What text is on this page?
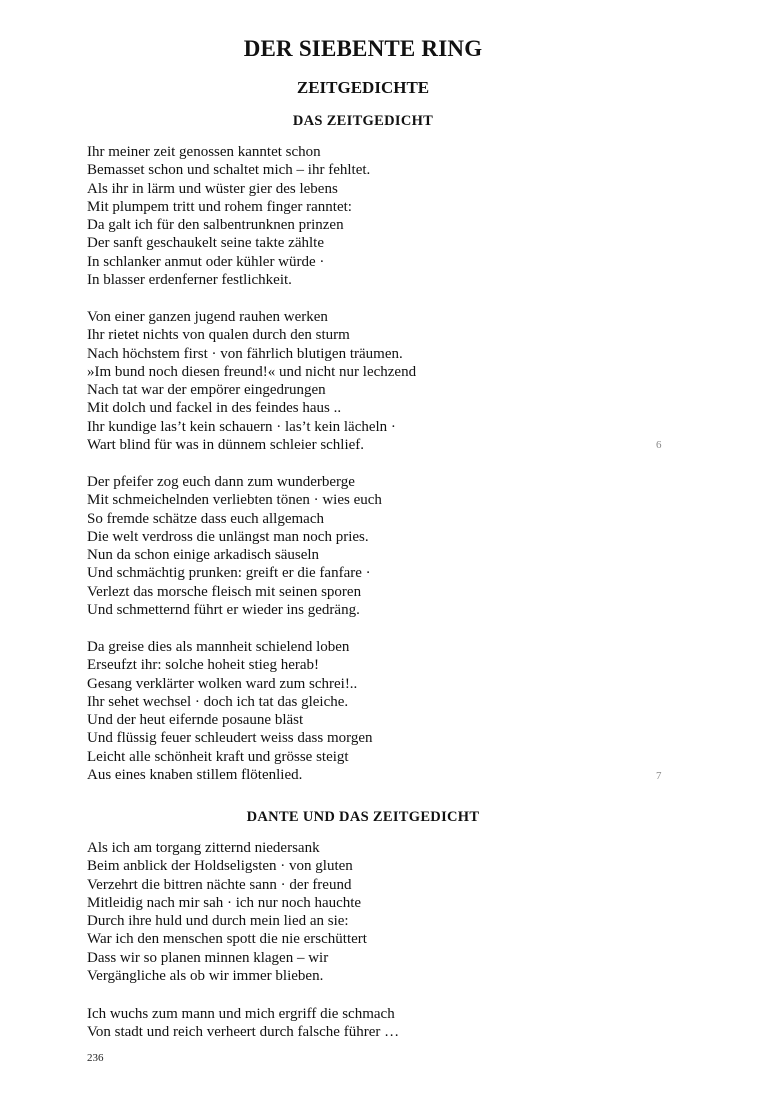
DER SIEBENTE RING
ZEITGEDICHTE
DAS ZEITGEDICHT
Ihr meiner zeit genossen kanntet schon
Bemasset schon und schaltet mich – ihr fehltet.
Als ihr in lärm und wüster gier des lebens
Mit plumpem tritt und rohem finger ranntet:
Da galt ich für den salbentrunknen prinzen
Der sanft geschaukelt seine takte zählte
In schlanker anmut oder kühler würde ·
In blasser erdenferner festlichkeit.
Von einer ganzen jugend rauhen werken
Ihr rietet nichts von qualen durch den sturm
Nach höchstem first · von fährlich blutigen träumen.
»Im bund noch diesen freund!« und nicht nur lechzend
Nach tat war der empörer eingedrungen
Mit dolch und fackel in des feindes haus ..
Ihr kundige las’t kein schauern · las’t kein lächeln ·
Wart blind für was in dünnem schleier schlief.	6
Der pfeifer zog euch dann zum wunderberge
Mit schmeichelnden verliebten tönen · wies euch
So fremde schätze dass euch allgemach
Die welt verdross die unlängst man noch pries.
Nun da schon einige arkadisch säuseln
Und schmächtig prunken: greift er die fanfare ·
Verlezt das morsche fleisch mit seinen sporen
Und schmetternd führt er wieder ins gedräng.
Da greise dies als mannheit schielend loben
Erseufzt ihr: solche hoheit stieg herab!
Gesang verklärter wolken ward zum schrei!..
Ihr sehet wechsel · doch ich tat das gleiche.
Und der heut eifernde posaune bläst
Und flüssig feuer schleudert weiss dass morgen
Leicht alle schönheit kraft und grösse steigt
Aus eines knaben stillem flötenlied.	7
DANTE UND DAS ZEITGEDICHT
Als ich am torgang zitternd niedersank
Beim anblick der Holdseligsten · von gluten
Verzehrt die bittren nächte sann · der freund
Mitleidig nach mir sah · ich nur noch hauchte
Durch ihre huld und durch mein lied an sie:
War ich den menschen spott die nie erschüttert
Dass wir so planen minnen klagen – wir
Vergängliche als ob wir immer blieben.
Ich wuchs zum mann und mich ergriff die schmach
Von stadt und reich verheert durch falsche führer …
236
